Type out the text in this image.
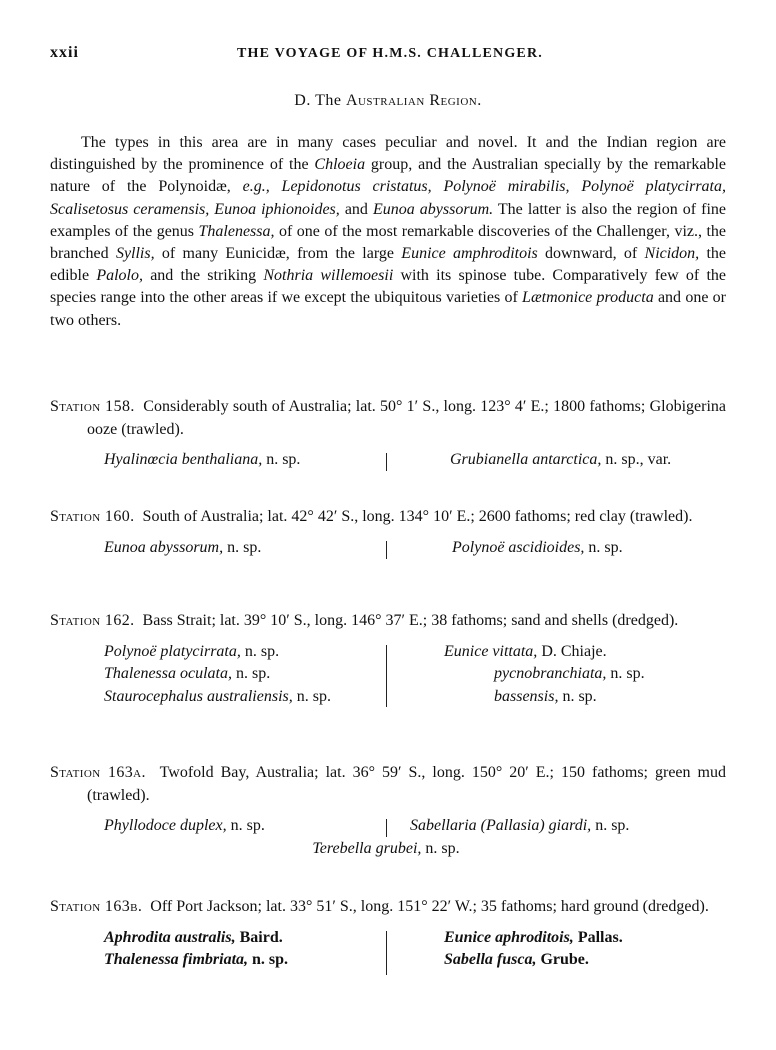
xxii	THE VOYAGE OF H.M.S. CHALLENGER.
D. The Australian Region.

The types in this area are in many cases peculiar and novel. It and the Indian region are distinguished by the prominence of the Chloeia group, and the Australian specially by the remarkable nature of the Polynoidæ, e.g., Lepidonotus cristatus, Polynoë mirabilis, Polynoë platycirrata, Scalisetosus ceramensis, Eunoa iphionoides, and Eunoa abyssorum. The latter is also the region of fine examples of the genus Thalenessa, of one of the most remarkable discoveries of the Challenger, viz., the branched Syllis, of many Eunicidæ, from the large Eunice amphroditois downward, of Nicidon, the edible Palolo, and the striking Nothria willemoesii with its spinose tube. Comparatively few of the species range into the other areas if we except the ubiquitous varieties of Lætmonice producta and one or two others.

Station 158. Considerably south of Australia; lat. 50° 1′ S., long. 123° 4′ E.; 1800 fathoms; Globigerina ooze (trawled).
Hyalinœcia benthaliana, n. sp.	Grubianella antarctica, n. sp., var.
Station 160. South of Australia; lat. 42° 42′ S., long. 134° 10′ E.; 2600 fathoms; red clay (trawled).
Eunoa abyssorum, n. sp.	Polynoë ascidioides, n. sp.
Station 162. Bass Strait; lat. 39° 10′ S., long. 146° 37′ E.; 38 fathoms; sand and shells (dredged).
Polynoë platycirrata, n. sp.	Eunice vittata, D. Chiaje.
Thalenessa oculata, n. sp.	pycnobranchiata, n. sp.
Staurocephalus australiensis, n. sp.	bassensis, n. sp.
Station 163a. Twofold Bay, Australia; lat. 36° 59′ S., long. 150° 20′ E.; 150 fathoms; green mud (trawled).
Phyllodoce duplex, n. sp.	Sabellaria (Pallasia) giardi, n. sp.
Terebella grubei, n. sp.
Station 163b. Off Port Jackson; lat. 33° 51′ S., long. 151° 22′ W.; 35 fathoms; hard ground (dredged).
Aphrodita australis, Baird.	Eunice aphroditois, Pallas.
Thalenessa fimbriata, n. sp.	Sabella fusca, Grube.
